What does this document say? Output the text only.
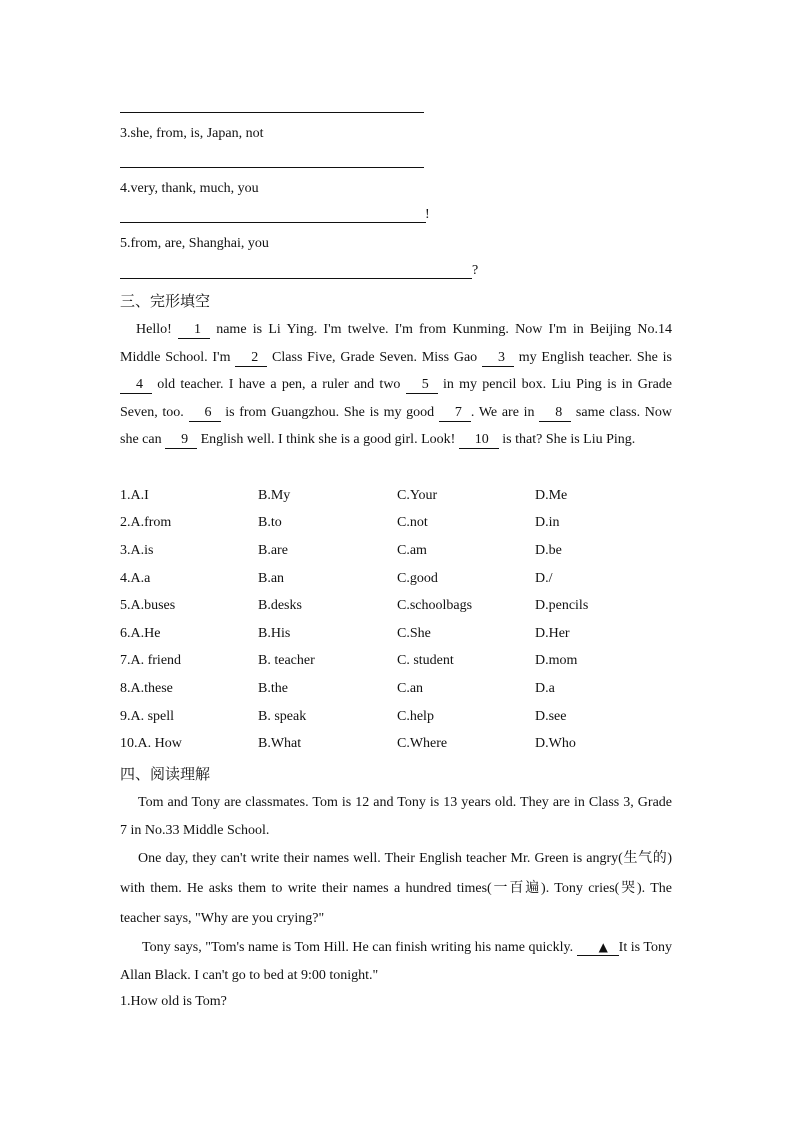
3.she, from, is, Japan, not
4.very, thank, much, you
!
5.from, are, Shanghai, you
?
三、完形填空
Hello! 1 name is Li Ying. I'm twelve. I'm from Kunming. Now I'm in Beijing No.14 Middle School. I'm 2 Class Five, Grade Seven. Miss Gao 3 my English teacher. She is 4 old teacher. I have a pen, a ruler and two 5 in my pencil box. Liu Ping is in Grade Seven, too. 6 is from Guangzhou. She is my good 7 . We are in 8 same class. Now she can 9 English well. I think she is a good girl. Look! 10 is that? She is Liu Ping.
1.A.I	B.My	C.Your	D.Me
2.A.from	B.to	C.not	D.in
3.A.is	B.are	C.am	D.be
4.A.a	B.an	C.good	D./
5.A.buses	B.desks	C.schoolbags	D.pencils
6.A.He	B.His	C.She	D.Her
7.A. friend	B. teacher	C. student	D.mom
8.A.these	B.the	C.an	D.a
9.A. spell	B. speak	C.help	D.see
10.A. How	B.What	C.Where	D.Who
四、阅读理解
Tom and Tony are classmates. Tom is 12 and Tony is 13 years old. They are in Class 3, Grade 7 in No.33 Middle School.
One day, they can't write their names well. Their English teacher Mr. Green is angry(生气的) with them. He asks them to write their names a hundred times(一百遍). Tony cries(哭). The teacher says, "Why are you crying?"
Tony says, "Tom's name is Tom Hill. He can finish writing his name quickly. ▲ It is Tony Allan Black. I can't go to bed at 9:00 tonight."
1.How old is Tom?
